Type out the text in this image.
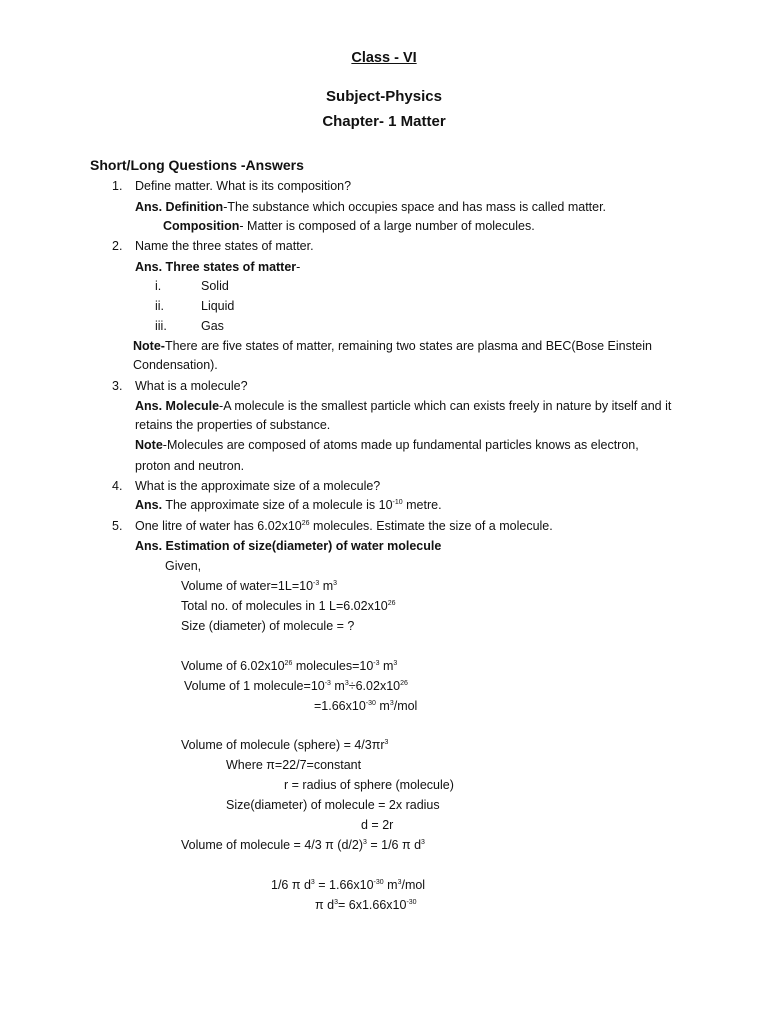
Class - VI
Subject-Physics
Chapter- 1 Matter
Short/Long Questions -Answers
1. Define matter. What is its composition?
Ans. Definition-The substance which occupies space and has mass is called matter.
Composition- Matter is composed of a large number of molecules.
2. Name the three states of matter.
Ans. Three states of matter-
i.	Solid
ii.	Liquid
iii.	Gas
Note-There are five states of matter, remaining two states are plasma and BEC(Bose Einstein
Condensation).
3. What is a molecule?
Ans. Molecule-A molecule is the smallest particle which can exists freely in nature by itself and it
retains the properties of substance.
Note-Molecules are composed of atoms made up fundamental particles knows as electron,
proton and neutron.
4. What is the approximate size of a molecule?
Ans. The approximate size of a molecule is $10^{-10}$ metre.
5. One litre of water has $6.02x10^{26}$ molecules. Estimate the size of a molecule.
Ans. Estimation of size(diameter) of water molecule
Given,
Volume of $water=1L=10^{-3}$ $m^3$
Total no. of molecules in 1 $L=6.02x10^{26}$
Size (diameter) of molecule = ?
Volume of $6.02x10^{26}$ $molecules=10^{-3}$ $m^3$
Volume of 1 $molecule=10^{-3}$ $m^3\div 6.02x10^{26}$
$=1.66x10^{-30}$ $m^3$/mol
Volume of molecule (sphere) = $4/3\pi r^3$
Where π=22/7=constant
r = radius of sphere (molecule)
Size(diameter) of molecule = 2x radius
d = 2r
Volume of molecule = 4/3 π $(d/2)^3 = 1/6$ π $d^3$
1/6 π $d^3 = 1.66x10^{-30}$ $m^3$/mol
π $d^3= 6x1.66x10^{-30}$
